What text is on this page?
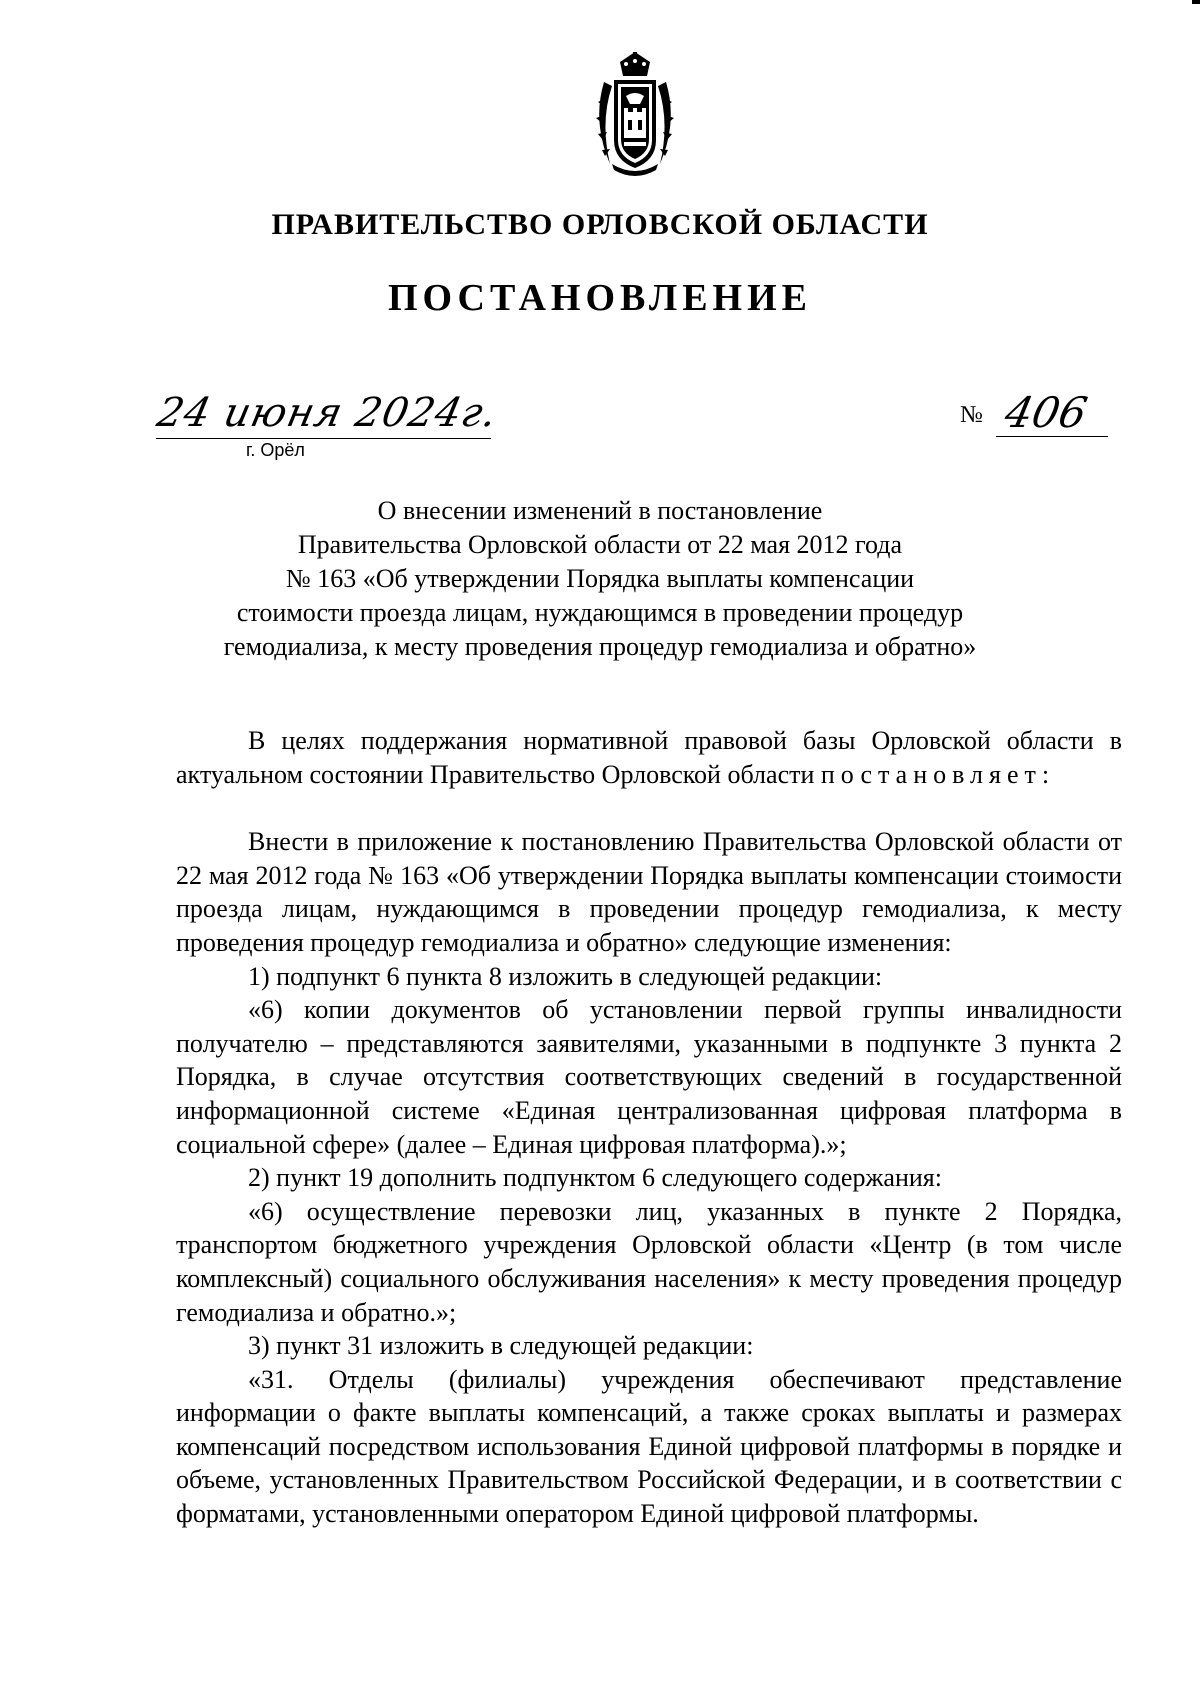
ПРАВИТЕЛЬСТВО ОРЛОВСКОЙ ОБЛАСТИ
ПОСТАНОВЛЕНИЕ
24 июня 2024г.
г. Орёл
№ 406
О внесении изменений в постановление
Правительства Орловской области от 22 мая 2012 года
№ 163 «Об утверждении Порядка выплаты компенсации
стоимости проезда лицам, нуждающимся в проведении процедур
гемодиализа, к месту проведения процедур гемодиализа и обратно»

В целях поддержания нормативной правовой базы Орловской области в актуальном состоянии Правительство Орловской области постановляет:

Внести в приложение к постановлению Правительства Орловской области от 22 мая 2012 года № 163 «Об утверждении Порядка выплаты компенсации стоимости проезда лицам, нуждающимся в проведении процедур гемодиализа, к месту проведения процедур гемодиализа и обратно» следующие изменения:

1) подпункт 6 пункта 8 изложить в следующей редакции:

«6) копии документов об установлении первой группы инвалидности получателю – представляются заявителями, указанными в подпункте 3 пункта 2 Порядка, в случае отсутствия соответствующих сведений в государственной информационной системе «Единая централизованная цифровая платформа в социальной сфере» (далее – Единая цифровая платформа).»;

2) пункт 19 дополнить подпунктом 6 следующего содержания:

«6) осуществление перевозки лиц, указанных в пункте 2 Порядка, транспортом бюджетного учреждения Орловской области «Центр (в том числе комплексный) социального обслуживания населения» к месту проведения процедур гемодиализа и обратно.»;

3) пункт 31 изложить в следующей редакции:

«31. Отделы (филиалы) учреждения обеспечивают представление информации о факте выплаты компенсаций, а также сроках выплаты и размерах компенсаций посредством использования Единой цифровой платформы в порядке и объеме, установленных Правительством Российской Федерации, и в соответствии с форматами, установленными оператором Единой цифровой платформы.
